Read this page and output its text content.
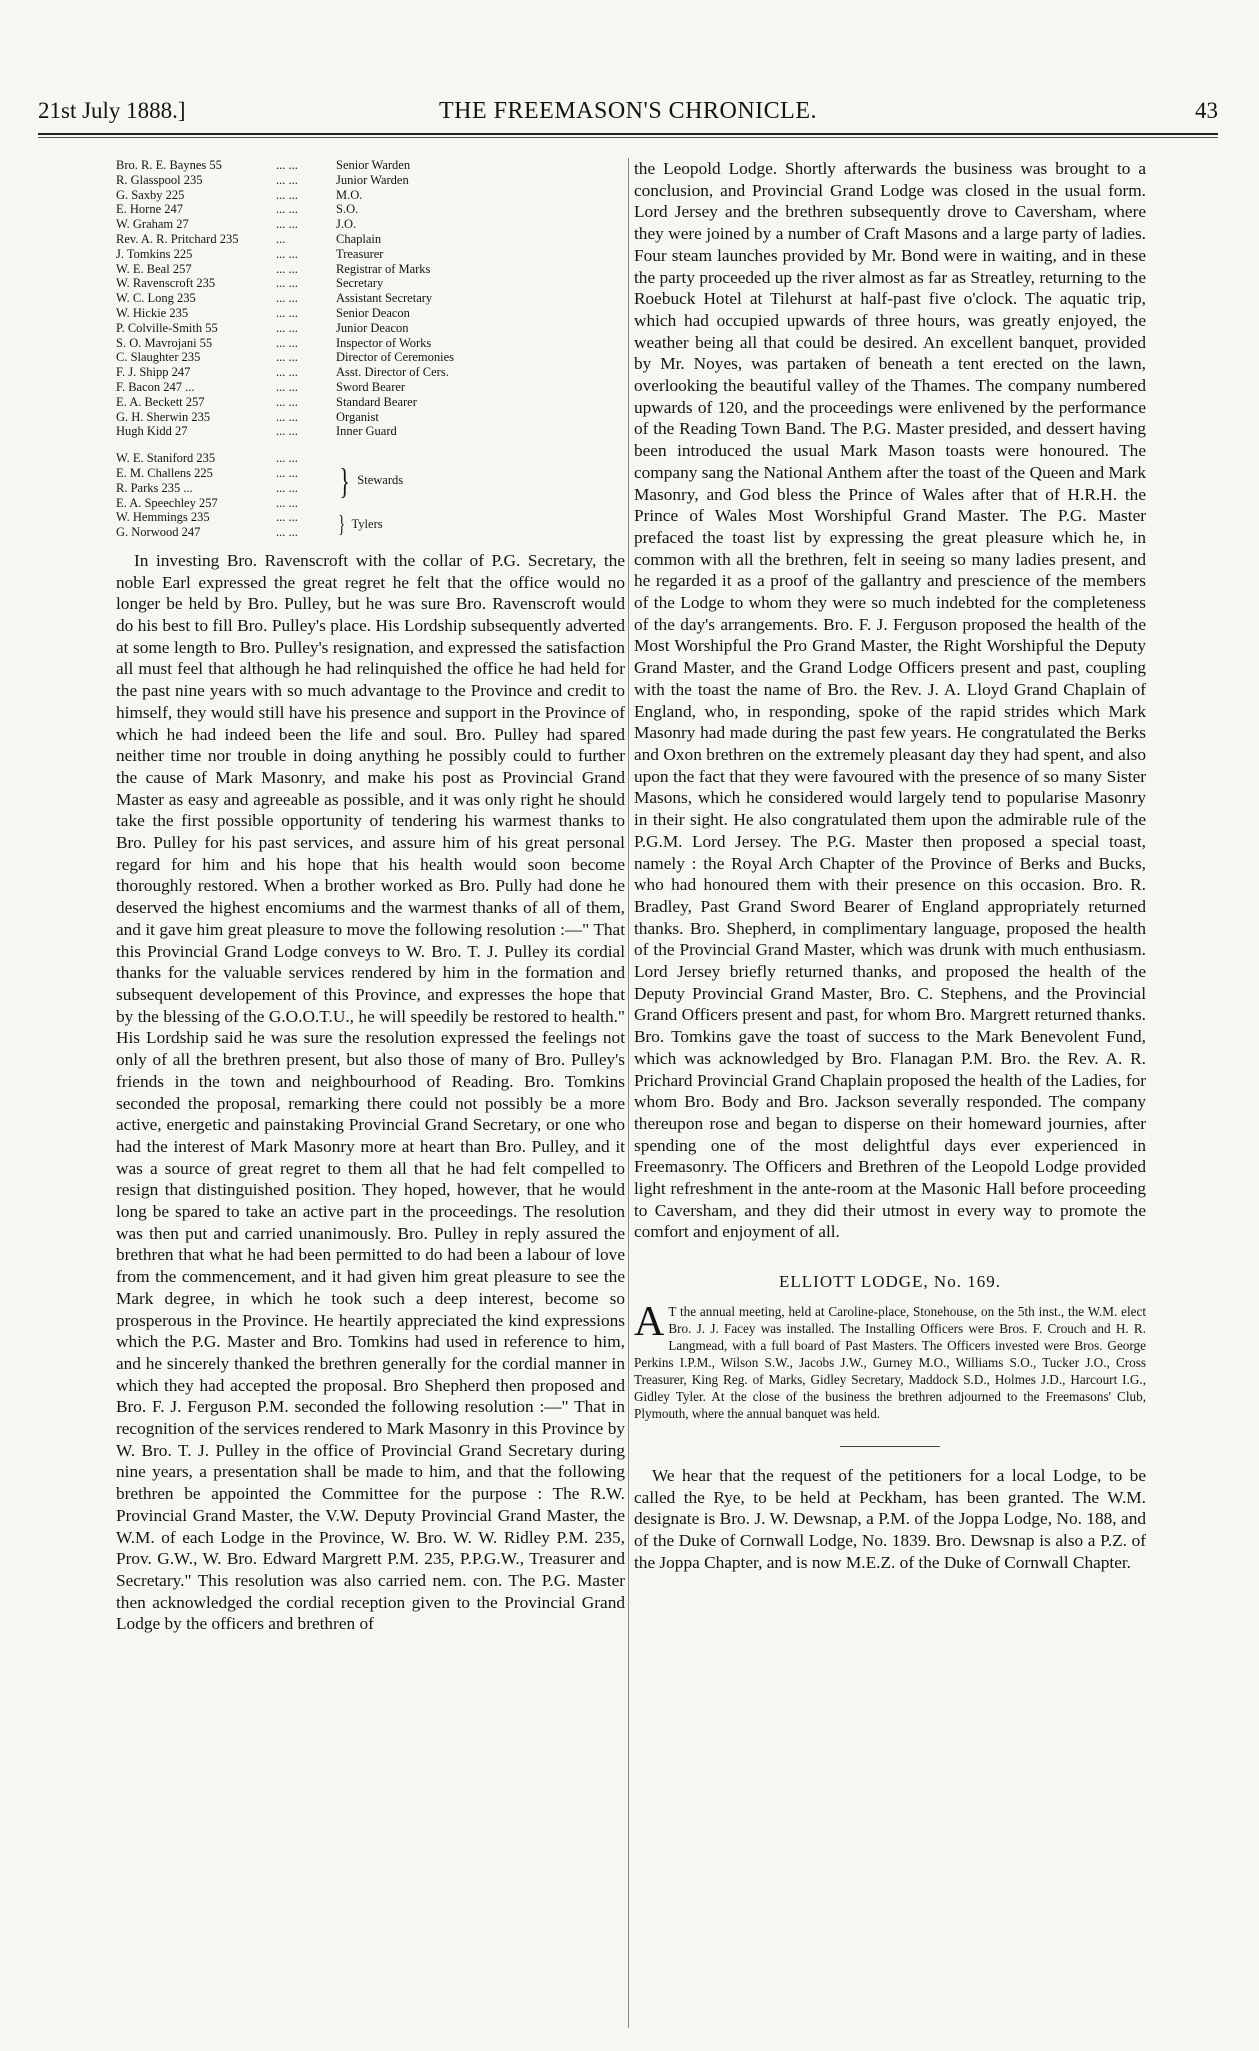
21st July 1888.]	THE FREEMASON'S CHRONICLE.	43
Bro. R. E. Baynes 55	... ...	Senior Warden
R. Glasspool 235	... ...	Junior Warden
G. Saxby 225	... ...	M.O.
E. Horne 247	... ...	S.O.
W. Graham 27	... ...	J.O.
Rev. A. R. Pritchard 235	...	Chaplain
J. Tomkins 225	... ...	Treasurer
W. E. Beal 257	... ...	Registrar of Marks
W. Ravenscroft 235	... ...	Secretary
W. C. Long 235	... ...	Assistant Secretary
W. Hickie 235	... ...	Senior Deacon
P. Colville-Smith 55	... ...	Junior Deacon
S. O. Mavrojani 55	... ...	Inspector of Works
C. Slaughter 235	... ...	Director of Ceremonies
F. J. Shipp 247	... ...	Asst. Director of Cers.
F. Bacon 247 ...	... ...	Sword Bearer
E. A. Beckett 257	... ...	Standard Bearer
G. H. Sherwin 235	... ...	Organist
Hugh Kidd 27	... ...	Inner Guard
W. E. Staniford 235	... ...
E. M. Challens 225	... ...
R. Parks 235 ...	... ...
E. A. Speechley 257	... ...
} Stewards
W. Hemmings 235	... ...
G. Norwood 247	... ...	} Tylers

In investing Bro. Ravenscroft with the collar of P.G. Secretary, the noble Earl expressed the great regret he felt that the office would no longer be held by Bro. Pulley, but he was sure Bro. Ravenscroft would do his best to fill Bro. Pulley's place. His Lordship subsequently adverted at some length to Bro. Pulley's resignation, and expressed the satisfaction all must feel that although he had relinquished the office he had held for the past nine years with so much advantage to the Province and credit to himself, they would still have his presence and support in the Province of which he had indeed been the life and soul. Bro. Pulley had spared neither time nor trouble in doing anything he possibly could to further the cause of Mark Masonry, and make his post as Provincial Grand Master as easy and agreeable as possible, and it was only right he should take the first possible opportunity of tendering his warmest thanks to Bro. Pulley for his past services, and assure him of his great personal regard for him and his hope that his health would soon become thoroughly restored. When a brother worked as Bro. Pully had done he deserved the highest encomiums and the warmest thanks of all of them, and it gave him great pleasure to move the following resolution :—" That this Provincial Grand Lodge conveys to W. Bro. T. J. Pulley its cordial thanks for the valuable services rendered by him in the formation and subsequent developement of this Province, and expresses the hope that by the blessing of the G.O.O.T.U., he will speedily be restored to health." His Lordship said he was sure the resolution expressed the feelings not only of all the brethren present, but also those of many of Bro. Pulley's friends in the town and neighbourhood of Reading. Bro. Tomkins seconded the proposal, remarking there could not possibly be a more active, energetic and painstaking Provincial Grand Secretary, or one who had the interest of Mark Masonry more at heart than Bro. Pulley, and it was a source of great regret to them all that he had felt compelled to resign that distinguished position. They hoped, however, that he would long be spared to take an active part in the proceedings. The resolution was then put and carried unanimously. Bro. Pulley in reply assured the brethren that what he had been permitted to do had been a labour of love from the commencement, and it had given him great pleasure to see the Mark degree, in which he took such a deep interest, become so prosperous in the Province. He heartily appreciated the kind expressions which the P.G. Master and Bro. Tomkins had used in reference to him, and he sincerely thanked the brethren generally for the cordial manner in which they had accepted the proposal. Bro Shepherd then proposed and Bro. F. J. Ferguson P.M. seconded the following resolution :—" That in recognition of the services rendered to Mark Masonry in this Province by W. Bro. T. J. Pulley in the office of Provincial Grand Secretary during nine years, a presentation shall be made to him, and that the following brethren be appointed the Committee for the purpose : The R.W. Provincial Grand Master, the V.W. Deputy Provincial Grand Master, the W.M. of each Lodge in the Province, W. Bro. W. W. Ridley P.M. 235, Prov. G.W., W. Bro. Edward Margrett P.M. 235, P.P.G.W., Treasurer and Secretary." This resolution was also carried nem. con. The P.G. Master then acknowledged the cordial reception given to the Provincial Grand Lodge by the officers and brethren of

the Leopold Lodge. Shortly afterwards the business was brought to a conclusion, and Provincial Grand Lodge was closed in the usual form. Lord Jersey and the brethren subsequently drove to Caversham, where they were joined by a number of Craft Masons and a large party of ladies. Four steam launches provided by Mr. Bond were in waiting, and in these the party proceeded up the river almost as far as Streatley, returning to the Roebuck Hotel at Tilehurst at half-past five o'clock. The aquatic trip, which had occupied upwards of three hours, was greatly enjoyed, the weather being all that could be desired. An excellent banquet, provided by Mr. Noyes, was partaken of beneath a tent erected on the lawn, overlooking the beautiful valley of the Thames. The company numbered upwards of 120, and the proceedings were enlivened by the performance of the Reading Town Band. The P.G. Master presided, and dessert having been introduced the usual Mark Mason toasts were honoured. The company sang the National Anthem after the toast of the Queen and Mark Masonry, and God bless the Prince of Wales after that of H.R.H. the Prince of Wales Most Worshipful Grand Master. The P.G. Master prefaced the toast list by expressing the great pleasure which he, in common with all the brethren, felt in seeing so many ladies present, and he regarded it as a proof of the gallantry and prescience of the members of the Lodge to whom they were so much indebted for the completeness of the day's arrangements. Bro. F. J. Ferguson proposed the health of the Most Worshipful the Pro Grand Master, the Right Worshipful the Deputy Grand Master, and the Grand Lodge Officers present and past, coupling with the toast the name of Bro. the Rev. J. A. Lloyd Grand Chaplain of England, who, in responding, spoke of the rapid strides which Mark Masonry had made during the past few years. He congratulated the Berks and Oxon brethren on the extremely pleasant day they had spent, and also upon the fact that they were favoured with the presence of so many Sister Masons, which he considered would largely tend to popularise Masonry in their sight. He also congratulated them upon the admirable rule of the P.G.M. Lord Jersey. The P.G. Master then proposed a special toast, namely : the Royal Arch Chapter of the Province of Berks and Bucks, who had honoured them with their presence on this occasion. Bro. R. Bradley, Past Grand Sword Bearer of England appropriately returned thanks. Bro. Shepherd, in complimentary language, proposed the health of the Provincial Grand Master, which was drunk with much enthusiasm. Lord Jersey briefly returned thanks, and proposed the health of the Deputy Provincial Grand Master, Bro. C. Stephens, and the Provincial Grand Officers present and past, for whom Bro. Margrett returned thanks. Bro. Tomkins gave the toast of success to the Mark Benevolent Fund, which was acknowledged by Bro. Flanagan P.M. Bro. the Rev. A. R. Prichard Provincial Grand Chaplain proposed the health of the Ladies, for whom Bro. Body and Bro. Jackson severally responded. The company thereupon rose and began to disperse on their homeward journies, after spending one of the most delightful days ever experienced in Freemasonry. The Officers and Brethren of the Leopold Lodge provided light refreshment in the ante-room at the Masonic Hall before proceeding to Caversham, and they did their utmost in every way to promote the comfort and enjoyment of all.

ELLIOTT LODGE, No. 169.
A T the annual meeting, held at Caroline-place, Stonehouse, on the 5th inst., the W.M. elect Bro. J. J. Facey was installed. The Installing Officers were Bros. F. Crouch and H. R. Langmead, with a full board of Past Masters. The Officers invested were Bros. George Perkins I.P.M., Wilson S.W., Jacobs J.W., Gurney M.O., Williams S.O., Tucker J.O., Cross Treasurer, King Reg. of Marks, Gidley Secretary, Maddock S.D., Holmes J.D., Harcourt I.G., Gidley Tyler. At the close of the business the brethren adjourned to the Freemasons' Club, Plymouth, where the annual banquet was held.

We hear that the request of the petitioners for a local Lodge, to be called the Rye, to be held at Peckham, has been granted. The W.M. designate is Bro. J. W. Dewsnap, a P.M. of the Joppa Lodge, No. 188, and of the Duke of Cornwall Lodge, No. 1839. Bro. Dewsnap is also a P.Z. of the Joppa Chapter, and is now M.E.Z. of the Duke of Cornwall Chapter.
